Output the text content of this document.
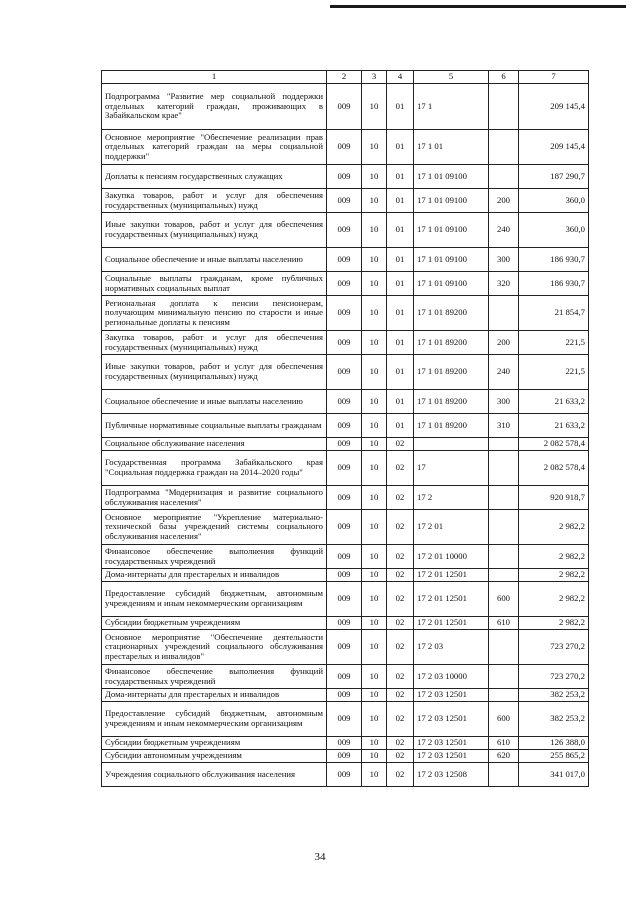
1	2	3	4	5	6	7
Подпрограмма "Развитие мер социальной поддержки отдельных категорий граждан, проживающих в Забайкальском крае"	009	10	01	17 1		209 145,4
Основное мероприятие "Обеспечение реализации прав отдельных категорий граждан на меры социальной поддержки"	009	10	01	17 1 01		209 145,4
Доплаты к пенсиям государственных служащих	009	10	01	17 1 01 09100		187 290,7
Закупка товаров, работ и услуг для обеспечения государственных (муниципальных) нужд	009	10	01	17 1 01 09100	200	360,0
Иные закупки товаров, работ и услуг для обеспечения государственных (муниципальных) нужд	009	10	01	17 1 01 09100	240	360,0
Социальное обеспечение и иные выплаты населению	009	10	01	17 1 01 09100	300	186 930,7
Социальные выплаты гражданам, кроме публичных нормативных социальных выплат	009	10	01	17 1 01 09100	320	186 930,7
Региональная доплата к пенсии пенсионерам, получающим минимальную пенсию по старости и иные региональные доплаты к пенсиям	009	10	01	17 1 01 89200		21 854,7
Закупка товаров, работ и услуг для обеспечения государственных (муниципальных) нужд	009	10	01	17 1 01 89200	200	221,5
Иные закупки товаров, работ и услуг для обеспечения государственных (муниципальных) нужд	009	10	01	17 1 01 89200	240	221,5
Социальное обеспечение и иные выплаты населению	009	10	01	17 1 01 89200	300	21 633,2
Публичные нормативные социальные выплаты гражданам	009	10	01	17 1 01 89200	310	21 633,2
Социальное обслуживание населения	009	10	02			2 082 578,4
Государственная программа Забайкальского края "Социальная поддержка граждан на 2014–2020 годы"	009	10	02	17		2 082 578,4
Подпрограмма "Модернизация и развитие социального обслуживания населения"	009	10	02	17 2		920 918,7
Основное мероприятие "Укрепление материально-технической базы учреждений системы социального обслуживания населения"	009	10	02	17 2 01		2 982,2
Финансовое обеспечение выполнения функций государственных учреждений	009	10	02	17 2 01 10000		2 982,2
Дома-интернаты для престарелых и инвалидов	009	10	02	17 2 01 12501		2 982,2
Предоставление субсидий бюджетным, автономным учреждениям и иным некоммерческим организациям	009	10	02	17 2 01 12501	600	2 982,2
Субсидии бюджетным учреждениям	009	10	02	17 2 01 12501	610	2 982,2
Основное мероприятие "Обеспечение деятельности стационарных учреждений социального обслуживания престарелых и инвалидов"	009	10	02	17 2 03		723 270,2
Финансовое обеспечение выполнения функций государственных учреждений	009	10	02	17 2 03 10000		723 270,2
Дома-интернаты для престарелых и инвалидов	009	10	02	17 2 03 12501		382 253,2
Предоставление субсидий бюджетным, автономным учреждениям и иным некоммерческим организациям	009	10	02	17 2 03 12501	600	382 253,2
Субсидии бюджетным учреждениям	009	10	02	17 2 03 12501	610	126 388,0
Субсидии автономным учреждениям	009	10	02	17 2 03 12501	620	255 865,2
Учреждения социального обслуживания населения	009	10	02	17 2 03 12508		341 017,0
34
